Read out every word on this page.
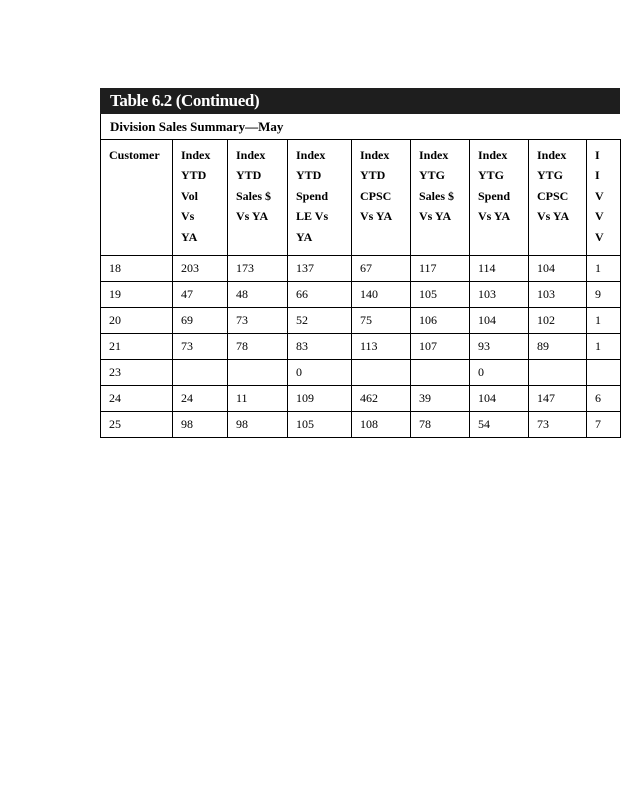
Table 6.2 (Continued)
Division Sales Summary—May
Customer	Index
YTD
Vol
Vs
YA	Index
YTD
Sales $
Vs YA	Index
YTD
Spend
LE Vs
YA	Index
YTD
CPSC
Vs YA	Index
YTG
Sales $
Vs YA	Index
YTG
Spend
Vs YA	Index
YTG
CPSC
Vs YA	I
I
V
V
V

18	203	173	137	67	117	114	104	1
19	47	48	66	140	105	103	103	9
20	69	73	52	75	106	104	102	1
21	73	78	83	113	107	93	89	1
23			0			0		
24	24	11	109	462	39	104	147	6
25	98	98	105	108	78	54	73	7
